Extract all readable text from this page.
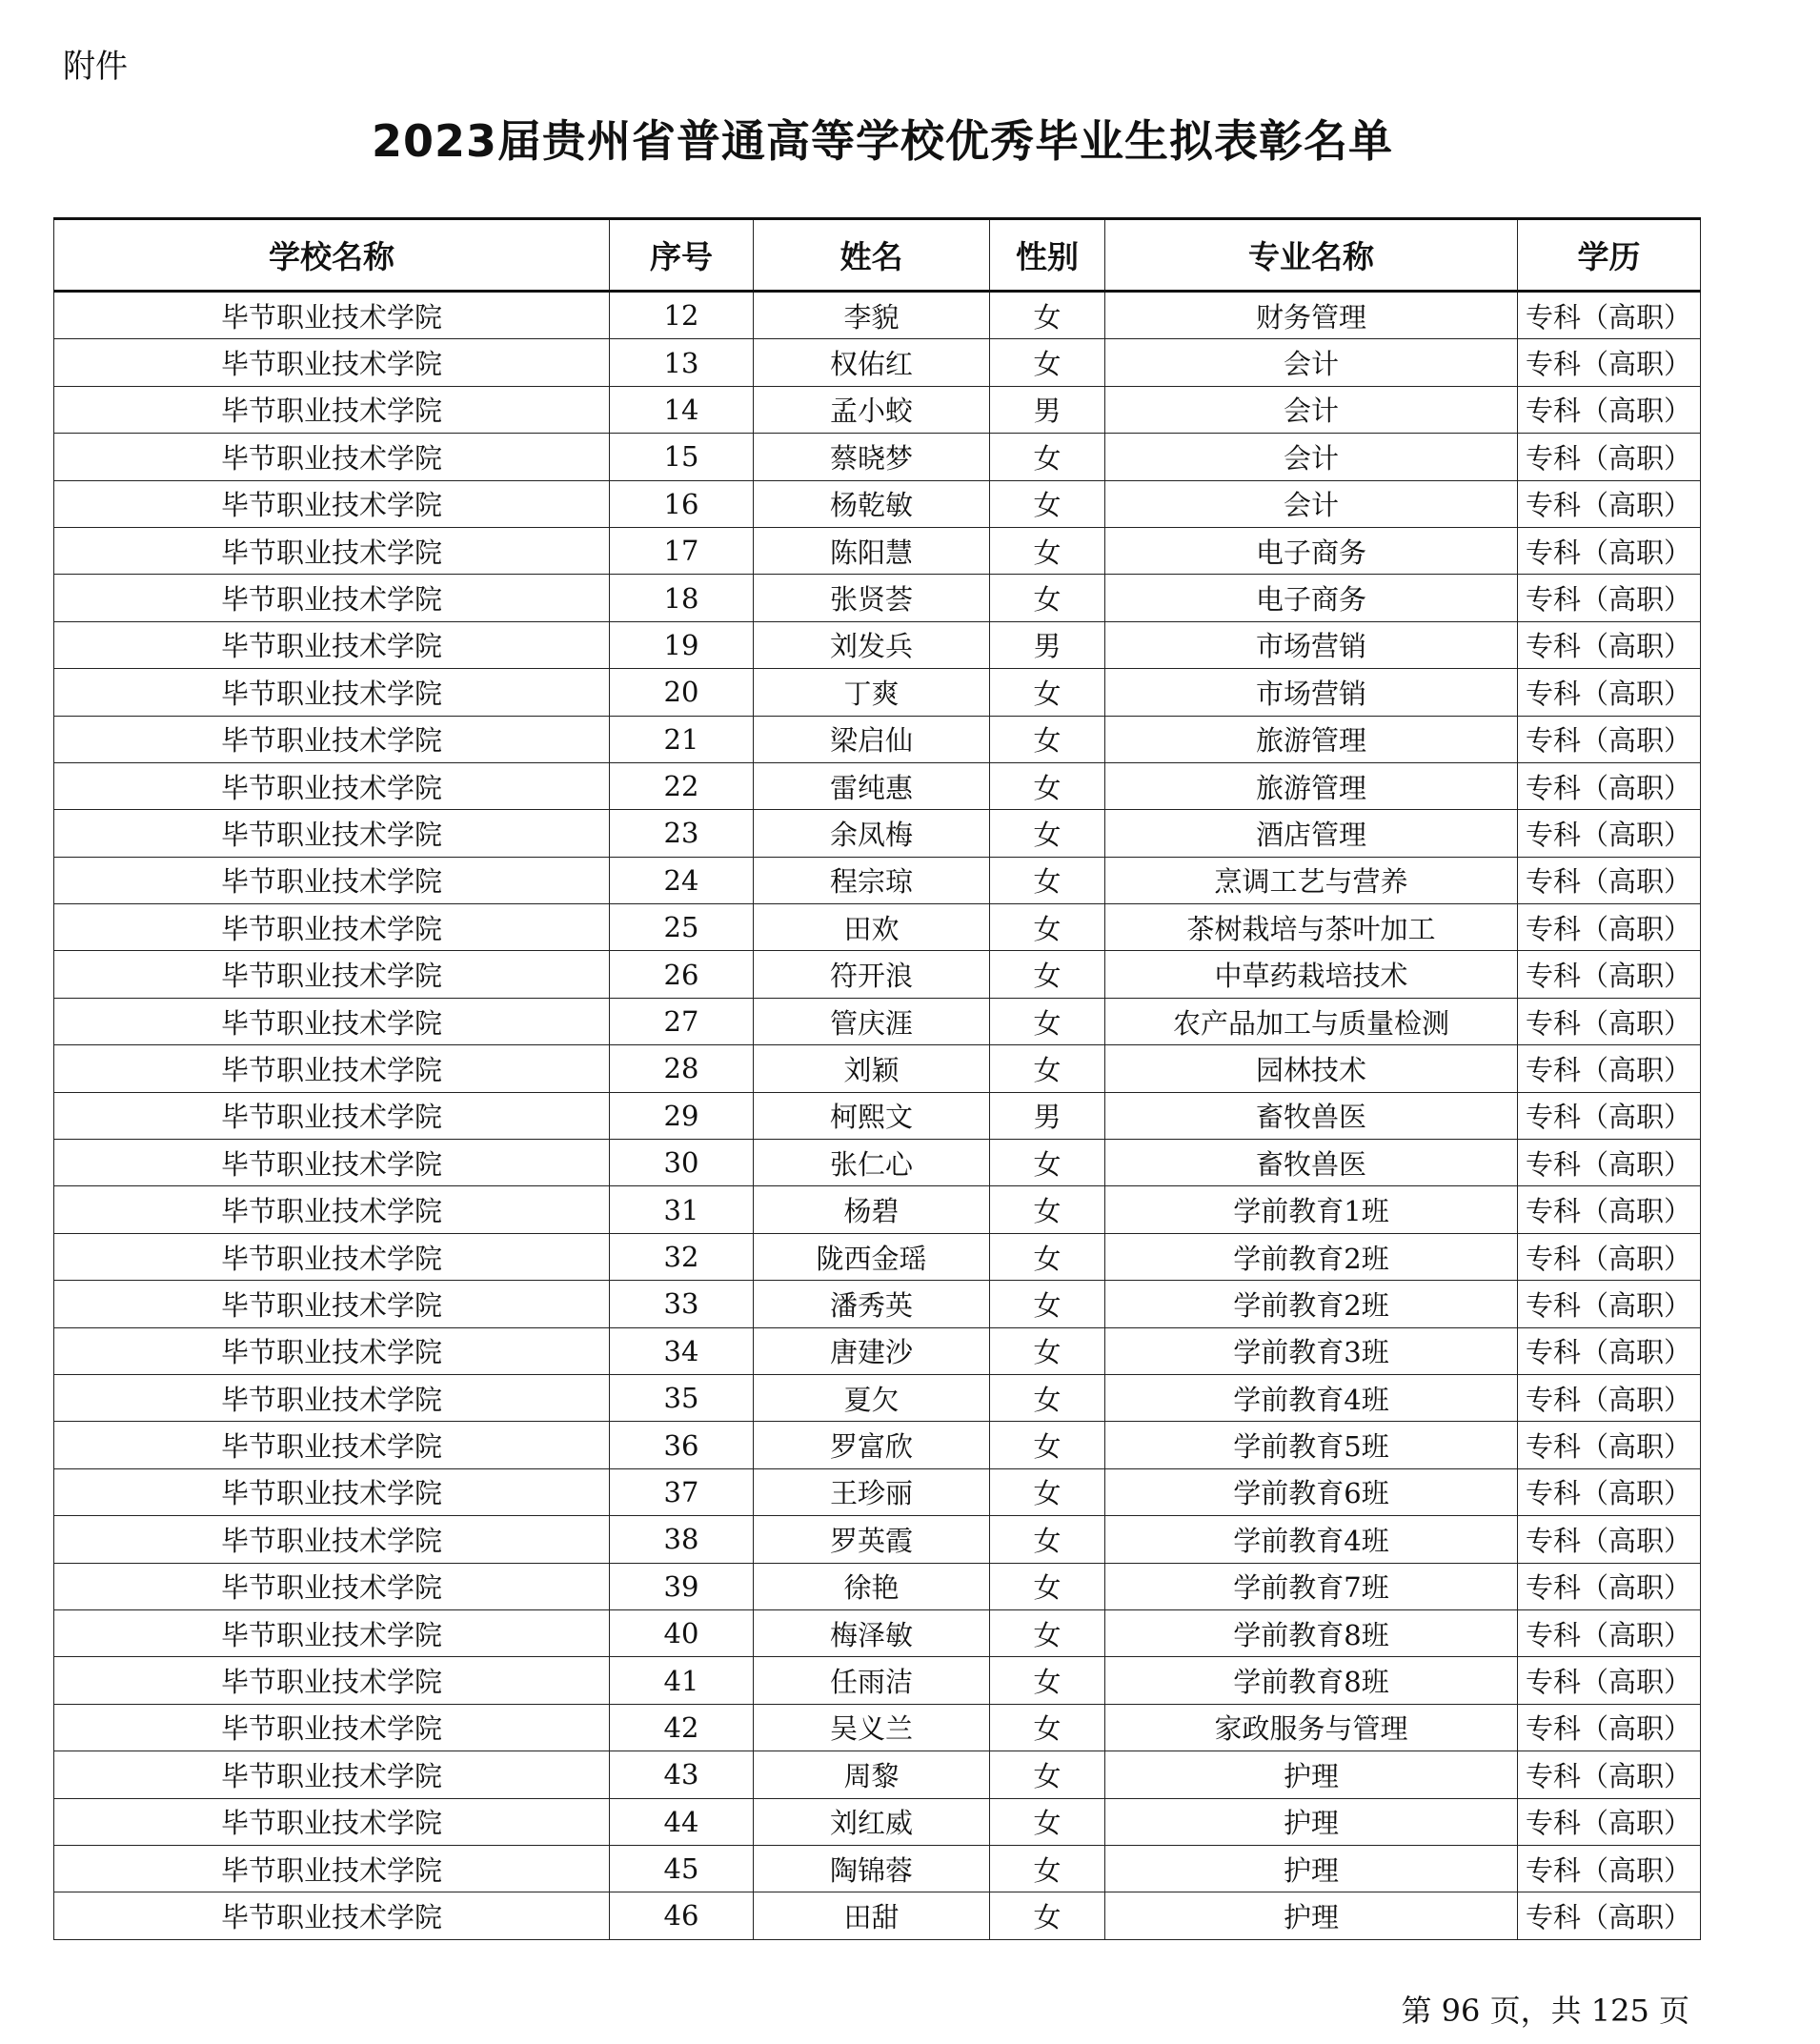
附件
2023届贵州省普通高等学校优秀毕业生拟表彰名单
学校名称	序号	姓名	性别	专业名称	学历
毕节职业技术学院	12	李貌	女	财务管理	专科（高职）
毕节职业技术学院	13	权佑红	女	会计	专科（高职）
毕节职业技术学院	14	孟小蛟	男	会计	专科（高职）
毕节职业技术学院	15	蔡晓梦	女	会计	专科（高职）
毕节职业技术学院	16	杨乾敏	女	会计	专科（高职）
毕节职业技术学院	17	陈阳慧	女	电子商务	专科（高职）
毕节职业技术学院	18	张贤荟	女	电子商务	专科（高职）
毕节职业技术学院	19	刘发兵	男	市场营销	专科（高职）
毕节职业技术学院	20	丁爽	女	市场营销	专科（高职）
毕节职业技术学院	21	梁启仙	女	旅游管理	专科（高职）
毕节职业技术学院	22	雷纯惠	女	旅游管理	专科（高职）
毕节职业技术学院	23	余凤梅	女	酒店管理	专科（高职）
毕节职业技术学院	24	程宗琼	女	烹调工艺与营养	专科（高职）
毕节职业技术学院	25	田欢	女	茶树栽培与茶叶加工	专科（高职）
毕节职业技术学院	26	符开浪	女	中草药栽培技术	专科（高职）
毕节职业技术学院	27	管庆涯	女	农产品加工与质量检测	专科（高职）
毕节职业技术学院	28	刘颖	女	园林技术	专科（高职）
毕节职业技术学院	29	柯熙文	男	畜牧兽医	专科（高职）
毕节职业技术学院	30	张仁心	女	畜牧兽医	专科（高职）
毕节职业技术学院	31	杨碧	女	学前教育1班	专科（高职）
毕节职业技术学院	32	陇西金瑶	女	学前教育2班	专科（高职）
毕节职业技术学院	33	潘秀英	女	学前教育2班	专科（高职）
毕节职业技术学院	34	唐建沙	女	学前教育3班	专科（高职）
毕节职业技术学院	35	夏欠	女	学前教育4班	专科（高职）
毕节职业技术学院	36	罗富欣	女	学前教育5班	专科（高职）
毕节职业技术学院	37	王珍丽	女	学前教育6班	专科（高职）
毕节职业技术学院	38	罗英霞	女	学前教育4班	专科（高职）
毕节职业技术学院	39	徐艳	女	学前教育7班	专科（高职）
毕节职业技术学院	40	梅泽敏	女	学前教育8班	专科（高职）
毕节职业技术学院	41	任雨洁	女	学前教育8班	专科（高职）
毕节职业技术学院	42	吴义兰	女	家政服务与管理	专科（高职）
毕节职业技术学院	43	周黎	女	护理	专科（高职）
毕节职业技术学院	44	刘红威	女	护理	专科（高职）
毕节职业技术学院	45	陶锦蓉	女	护理	专科（高职）
毕节职业技术学院	46	田甜	女	护理	专科（高职）
第 96 页，共 125 页
